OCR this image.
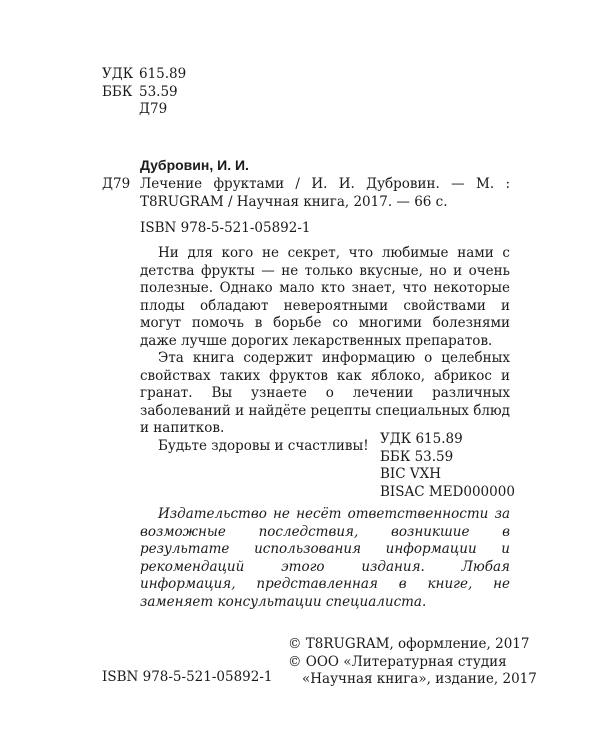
УДК 615.89
ББК 53.59
Д79
Дубровин, И. И.
Д79 Лечение фруктами / И. И. Дубровин. — М. : T8RUGRAM / Научная книга, 2017. — 66 с.
ISBN 978-5-521-05892-1

Ни для кого не секрет, что любимые нами с детства фрукты — не только вкусные, но и очень полезные. Однако мало кто знает, что некоторые плоды обладают невероятными свойствами и могут помочь в борьбе со многими болезнями даже лучше дорогих лекарственных препаратов.

Эта книга содержит информацию о целебных свойствах таких фруктов как яблоко, абрикос и гранат. Вы узнаете о лечении различных заболеваний и найдёте рецепты специальных блюд и напитков.

Будьте здоровы и счастливы! УДК 615.89
ББК 53.59
BIC VXH
BISAC MED000000

Издательство не несёт ответственности за возможные последствия, возникшие в результате использования информации и рекомендаций этого издания. Любая информация, представленная в книге, не заменяет консультации специалиста.

© T8RUGRAM, оформление, 2017
© ООО «Литературная студия
«Научная книга», издание, 2017
ISBN 978-5-521-05892-1
